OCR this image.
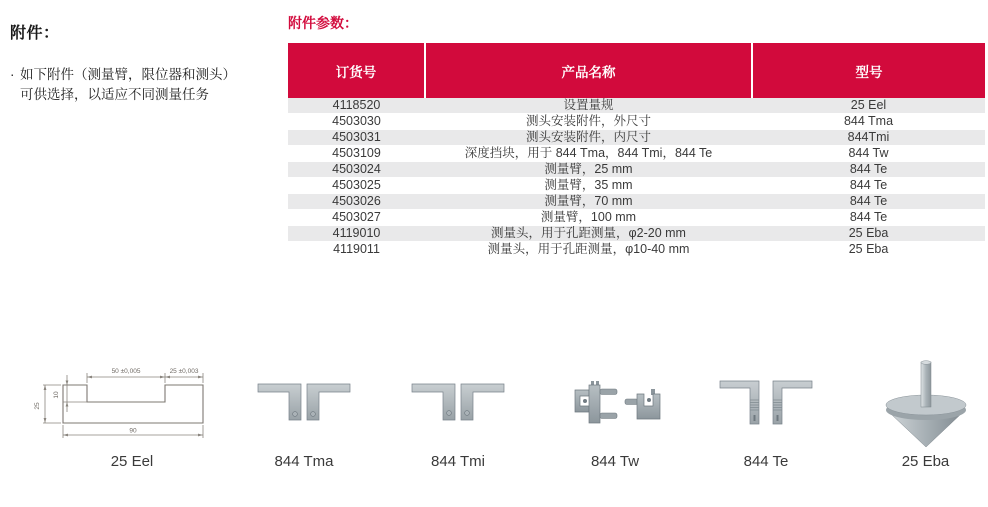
附件：
· 如下附件（测量臂，限位器和测头）
可供选择，以适应不同测量任务
附件参数：
订货号	产品名称	型号
4118520	设置量规	25 Eel
4503030	测头安装附件，外尺寸	844 Tma
4503031	测头安装附件，内尺寸	844Tmi
4503109	深度挡块，用于 844 Tma，844 Tmi，844 Te	844 Tw
4503024	测量臂，25 mm	844 Te
4503025	测量臂，35 mm	844 Te
4503026	测量臂，70 mm	844 Te
4503027	测量臂，100 mm	844 Te
4119010	测量头，用于孔距测量，φ2-20 mm	25 Eba
4119011	测量头，用于孔距测量，φ10-40 mm	25 Eba
50 ±0,005	25 ±0,003
25
10
90
25 Eel	844 Tma	844 Tmi	844 Tw	844 Te	25 Eba
